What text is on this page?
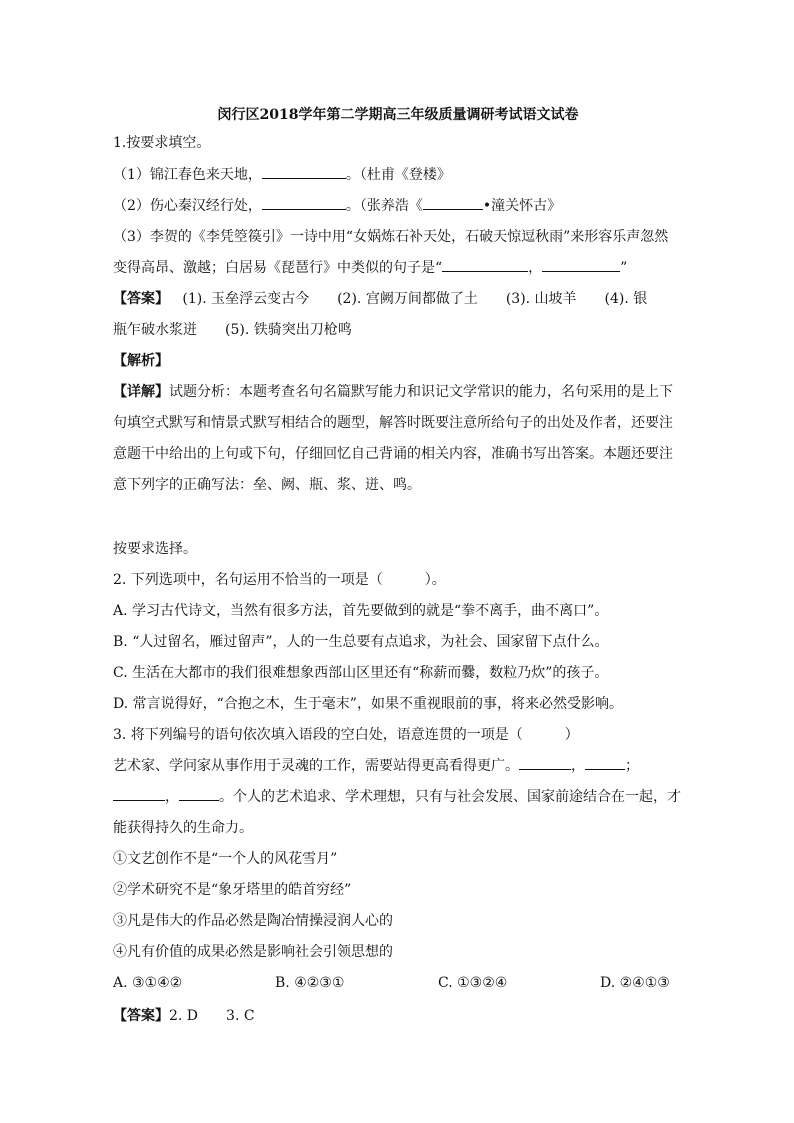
闵行区2018学年第二学期高三年级质量调研考试语文试卷
1.按要求填空。
（1）锦江春色来天地，	。（杜甫《登楼》
（2）伤心秦汉经行处，	。（张养浩《	•潼关怀古》
（3）李贺的《李凭箜篌引》一诗中用“女娲炼石补天处，石破天惊逗秋雨”来形容乐声忽然
变得高昂、激越；白居易《琵琶行》中类似的句子是“	，	”
【答案】 (1). 玉垒浮云变古今　　(2). 宫阙万间都做了土　　(3). 山坡羊　　(4). 银
瓶乍破水浆迸　　(5). 铁骑突出刀枪鸣
【解析】
【详解】试题分析：本题考查名句名篇默写能力和识记文学常识的能力，名句采用的是上下
句填空式默写和情景式默写相结合的题型，解答时既要注意所给句子的出处及作者，还要注
意题干中给出的上句或下句，仔细回忆自己背诵的相关内容，准确书写出答案。本题还要注
意下列字的正确写法：垒、阙、瓶、浆、迸、鸣。
按要求选择。
2. 下列选项中，名句运用不恰当的一项是（　　　）。
A. 学习古代诗文，当然有很多方法，首先要做到的就是“拳不离手，曲不离口”。
B. “人过留名，雁过留声”，人的一生总要有点追求，为社会、国家留下点什么。
C. 生活在大都市的我们很难想象西部山区里还有“称薪而爨，数粒乃炊”的孩子。
D. 常言说得好，“合抱之木，生于毫末”，如果不重视眼前的事，将来必然受影响。
3. 将下列编号的语句依次填入语段的空白处，语意连贯的一项是（　　　）
艺术家、学问家从事作用于灵魂的工作，需要站得更高看得更广。	，	；
，	。个人的艺术追求、学术理想，只有与社会发展、国家前途结合在一起，才
能获得持久的生命力。
①文艺创作不是“一个人的风花雪月”
②学术研究不是“象牙塔里的皓首穷经”
③凡是伟大的作品必然是陶冶情操浸润人心的
④凡有价值的成果必然是影响社会引领思想的
A. ③①④②	B. ④②③①	C. ①③②④	D. ②④①③
【答案】2. D　　3. C
